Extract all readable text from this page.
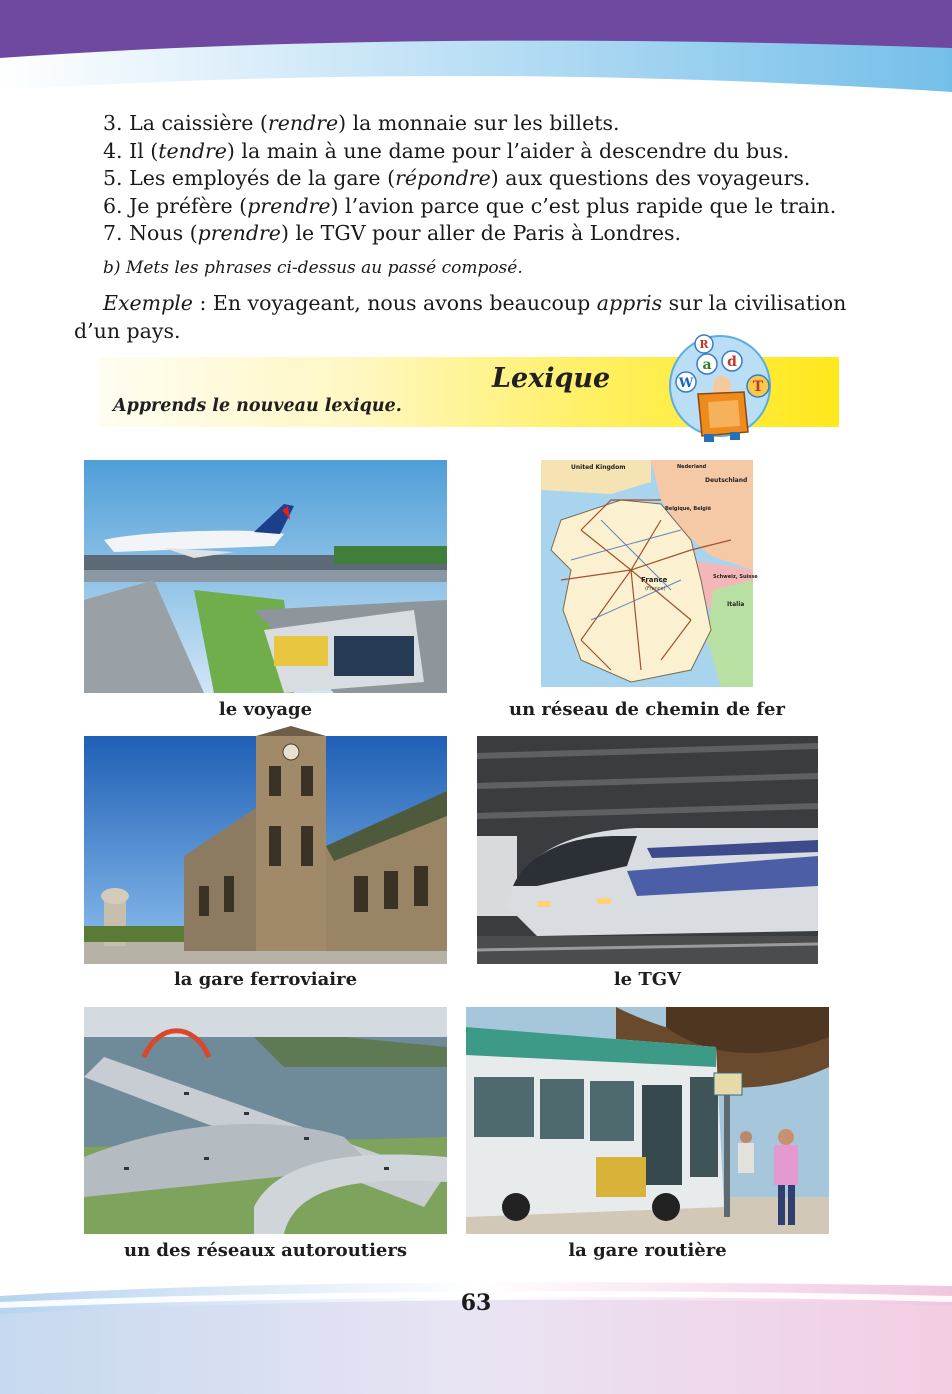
3. La caissière (rendre) la monnaie sur les billets.
4. Il (tendre) la main à une dame pour l’aider à descendre du bus.
5. Les employés de la gare (répondre) aux questions des voyageurs.
6. Je préfère (prendre) l’avion parce que c’est plus rapide que le train.
7. Nous (prendre) le TGV pour aller de Paris à Londres.
b) Mets les phrases ci-dessus au passé composé.

Exemple : En voyageant, nous avons beaucoup appris sur la civilisation d’un pays.

Lexique
Apprends le nouveau lexique.
R
a d
W	T
le voyage
United Kingdom	Nederland
Deutschland
Belgique, België
France
(France)
Schweiz, Suisse
Italia
un réseau de chemin de fer
la gare ferroviaire	le TGV
un des réseaux autoroutiers	la gare routière
63
